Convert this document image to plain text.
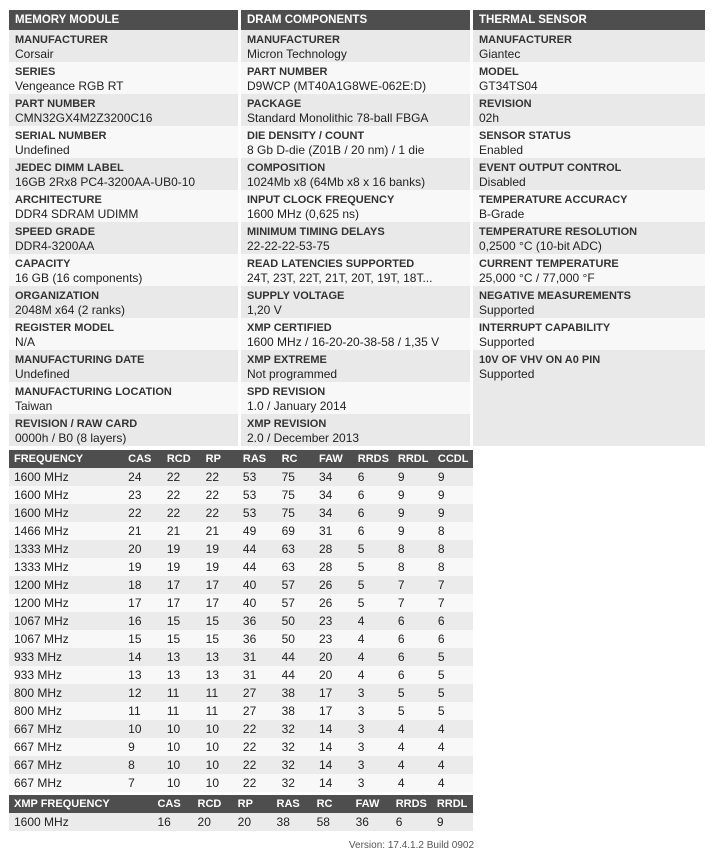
MEMORY MODULE
MANUFACTURER
Corsair
SERIES
Vengeance RGB RT
PART NUMBER
CMN32GX4M2Z3200C16
SERIAL NUMBER
Undefined
JEDEC DIMM LABEL
16GB 2Rx8 PC4-3200AA-UB0-10
ARCHITECTURE
DDR4 SDRAM UDIMM
SPEED GRADE
DDR4-3200AA
CAPACITY
16 GB (16 components)
ORGANIZATION
2048M x64 (2 ranks)
REGISTER MODEL
N/A
MANUFACTURING DATE
Undefined
MANUFACTURING LOCATION
Taiwan
REVISION / RAW CARD
0000h / B0 (8 layers)
DRAM COMPONENTS
MANUFACTURER
Micron Technology
PART NUMBER
D9WCP (MT40A1G8WE-062E:D)
PACKAGE
Standard Monolithic 78-ball FBGA
DIE DENSITY / COUNT
8 Gb D-die (Z01B / 20 nm) / 1 die
COMPOSITION
1024Mb x8 (64Mb x8 x 16 banks)
INPUT CLOCK FREQUENCY
1600 MHz (0,625 ns)
MINIMUM TIMING DELAYS
22-22-22-53-75
READ LATENCIES SUPPORTED
24T, 23T, 22T, 21T, 20T, 19T, 18T...
SUPPLY VOLTAGE
1,20 V
XMP CERTIFIED
1600 MHz / 16-20-20-38-58 / 1,35 V
XMP EXTREME
Not programmed
SPD REVISION
1.0 / January 2014
XMP REVISION
2.0 / December 2013
THERMAL SENSOR
MANUFACTURER
Giantec
MODEL
GT34TS04
REVISION
02h
SENSOR STATUS
Enabled
EVENT OUTPUT CONTROL
Disabled
TEMPERATURE ACCURACY
B-Grade
TEMPERATURE RESOLUTION
0,2500 °C (10-bit ADC)
CURRENT TEMPERATURE
25,000 °C / 77,000 °F
NEGATIVE MEASUREMENTS
Supported
INTERRUPT CAPABILITY
Supported
10V OF VHV ON A0 PIN
Supported
FREQUENCY	CAS	RCD	RP	RAS	RC	FAW	RRDS	RRDL	CCDL
1600 MHz	24	22	22	53	75	34	6	9	9
1600 MHz	23	22	22	53	75	34	6	9	9
1600 MHz	22	22	22	53	75	34	6	9	9
1466 MHz	21	21	21	49	69	31	6	9	8
1333 MHz	20	19	19	44	63	28	5	8	8
1333 MHz	19	19	19	44	63	28	5	8	8
1200 MHz	18	17	17	40	57	26	5	7	7
1200 MHz	17	17	17	40	57	26	5	7	7
1067 MHz	16	15	15	36	50	23	4	6	6
1067 MHz	15	15	15	36	50	23	4	6	6
933 MHz	14	13	13	31	44	20	4	6	5
933 MHz	13	13	13	31	44	20	4	6	5
800 MHz	12	11	11	27	38	17	3	5	5
800 MHz	11	11	11	27	38	17	3	5	5
667 MHz	10	10	10	22	32	14	3	4	4
667 MHz	9	10	10	22	32	14	3	4	4
667 MHz	8	10	10	22	32	14	3	4	4
667 MHz	7	10	10	22	32	14	3	4	4
XMP FREQUENCY	CAS	RCD	RP	RAS	RC	FAW	RRDS	RRDL
1600 MHz	16	20	20	38	58	36	6	9
Version: 17.4.1.2 Build 0902
